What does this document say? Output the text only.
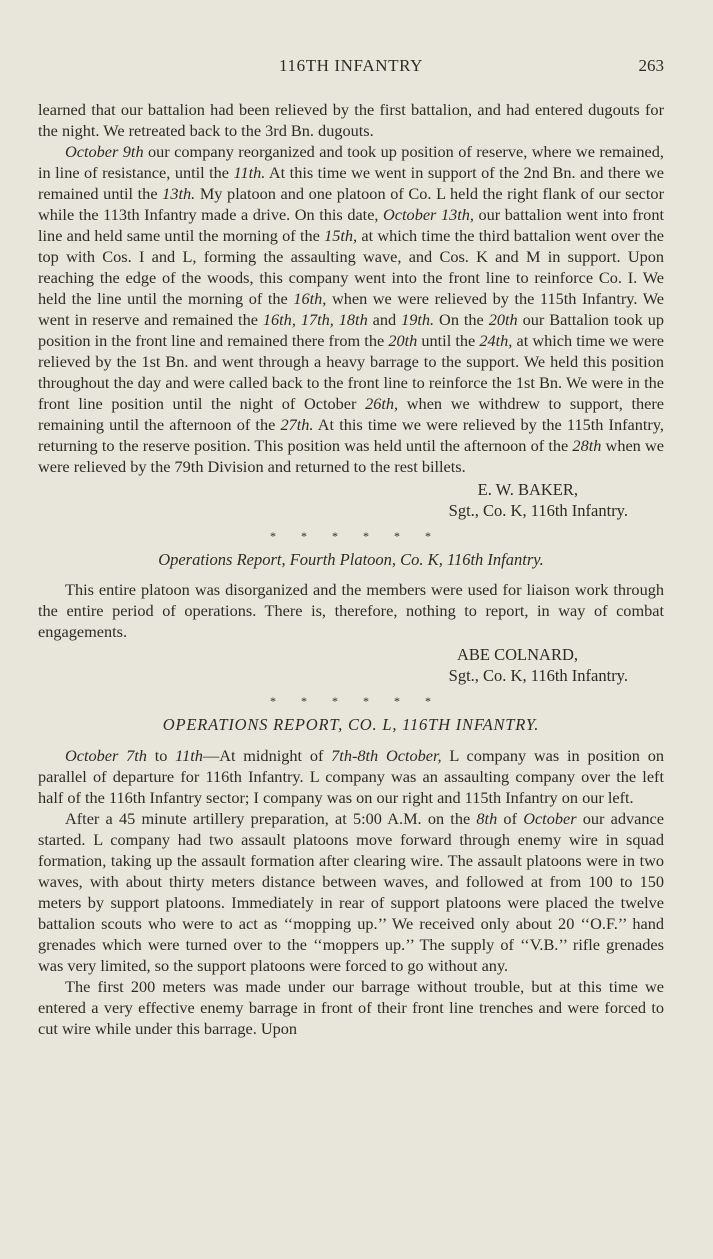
116TH INFANTRY	263

learned that our battalion had been relieved by the first battalion, and had entered dugouts for the night. We retreated back to the 3rd Bn. dugouts.

October 9th our company reorganized and took up position of reserve, where we remained, in line of resistance, until the 11th. At this time we went in support of the 2nd Bn. and there we remained until the 13th. My platoon and one platoon of Co. L held the right flank of our sector while the 113th Infantry made a drive. On this date, October 13th, our battalion went into front line and held same until the morning of the 15th, at which time the third battalion went over the top with Cos. I and L, forming the assaulting wave, and Cos. K and M in support. Upon reaching the edge of the woods, this company went into the front line to reinforce Co. I. We held the line until the morning of the 16th, when we were relieved by the 115th Infantry. We went in reserve and remained the 16th, 17th, 18th and 19th. On the 20th our Battalion took up position in the front line and remained there from the 20th until the 24th, at which time we were relieved by the 1st Bn. and went through a heavy barrage to the support. We held this position throughout the day and were called back to the front line to reinforce the 1st Bn. We were in the front line position until the night of October 26th, when we withdrew to support, there remaining until the afternoon of the 27th. At this time we were relieved by the 115th Infantry, returning to the reserve position. This position was held until the afternoon of the 28th when we were relieved by the 79th Division and returned to the rest billets.

E. W. BAKER,
Sgt., Co. K, 116th Infantry.
* * * * * *
Operations Report, Fourth Platoon, Co. K, 116th Infantry.

This entire platoon was disorganized and the members were used for liaison work through the entire period of operations. There is, therefore, nothing to report, in way of combat engagements.

ABE COLNARD,
Sgt., Co. K, 116th Infantry.
* * * * * *
OPERATIONS REPORT, CO. L, 116TH INFANTRY.

October 7th to 11th—At midnight of 7th-8th October, L company was in position on parallel of departure for 116th Infantry. L company was an assaulting company over the left half of the 116th Infantry sector; I company was on our right and 115th Infantry on our left.

After a 45 minute artillery preparation, at 5:00 A.M. on the 8th of October our advance started. L company had two assault platoons move forward through enemy wire in squad formation, taking up the assault formation after clearing wire. The assault platoons were in two waves, with about thirty meters distance between waves, and followed at from 100 to 150 meters by support platoons. Immediately in rear of support platoons were placed the twelve battalion scouts who were to act as ‘‘mopping up.’’ We received only about 20 ‘‘O.F.’’ hand grenades which were turned over to the ‘‘moppers up.’’ The supply of ‘‘V.B.’’ rifle grenades was very limited, so the support platoons were forced to go without any.

The first 200 meters was made under our barrage without trouble, but at this time we entered a very effective enemy barrage in front of their front line trenches and were forced to cut wire while under this barrage. Upon
